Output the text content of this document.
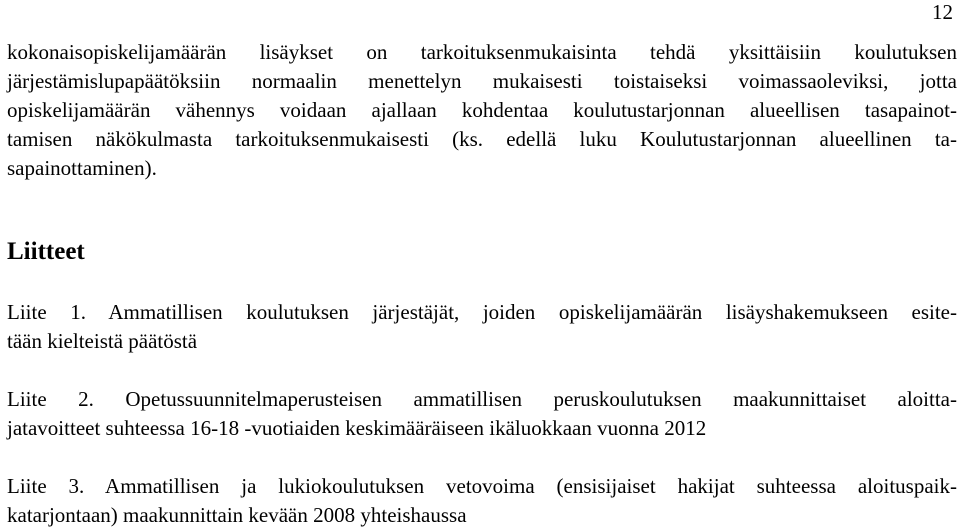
12
kokonaisopiskelijamäärän lisäykset on tarkoituksenmukaisinta tehdä yksittäisiin koulutuksen
järjestämislupapäätöksiin normaalin menettelyn mukaisesti toistaiseksi voimassaoleviksi, jotta
opiskelijamäärän vähennys voidaan ajallaan kohdentaa koulutustarjonnan alueellisen tasapainot-
tamisen näkökulmasta tarkoituksenmukaisesti (ks. edellä luku Koulutustarjonnan alueellinen ta-
sapainottaminen).
Liitteet
Liite 1. Ammatillisen koulutuksen järjestäjät, joiden opiskelijamäärän lisäyshakemukseen esite-
tään kielteistä päätöstä
Liite 2. Opetussuunnitelmaperusteisen ammatillisen peruskoulutuksen maakunnittaiset aloitta-
jatavoitteet suhteessa 16-18 -vuotiaiden keskimääräiseen ikäluokkaan vuonna 2012
Liite 3. Ammatillisen ja lukiokoulutuksen vetovoima (ensisijaiset hakijat suhteessa aloituspaik-
katarjontaan) maakunnittain kevään 2008 yhteishaussa
